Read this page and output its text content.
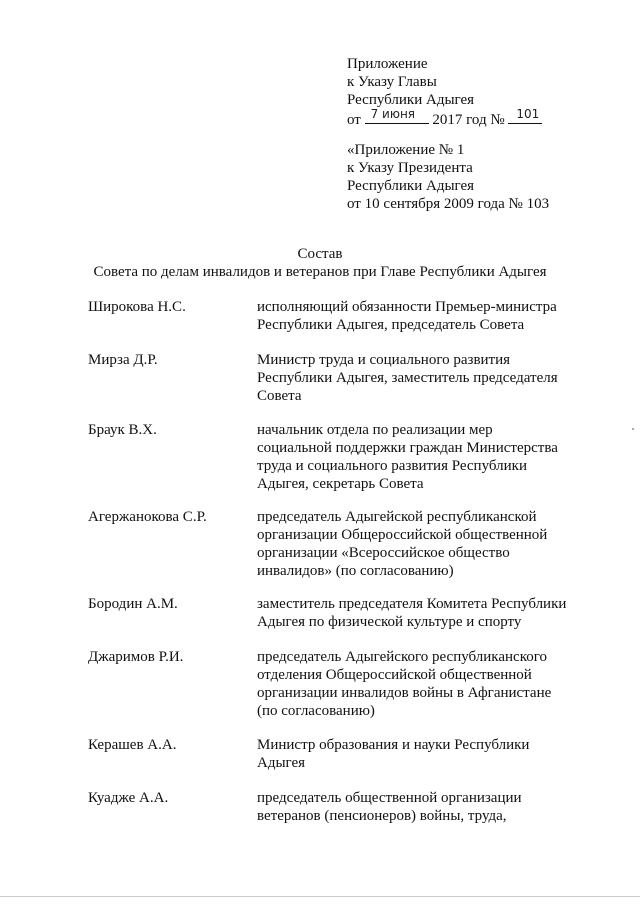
Приложение
к Указу Главы
Республики Адыгея
от 7 июня 2017 год № 101
«Приложение № 1
к Указу Президента
Республики Адыгея
от 10 сентября 2009 года № 103
Состав
Совета по делам инвалидов и ветеранов при Главе Республики Адыгея
Широкова Н.С.	исполняющий обязанности Премьер-министра
Республики Адыгея, председатель Совета
Мирза Д.Р.	Министр труда и социального развития
Республики Адыгея, заместитель председателя
Совета
Браук В.Х.	начальник отдела по реализации мер
социальной поддержки граждан Министерства
труда и социального развития Республики
Адыгея, секретарь Совета
Агержанокова С.Р.	председатель Адыгейской республиканской
организации Общероссийской общественной
организации «Всероссийское общество
инвалидов» (по согласованию)
Бородин А.М.	заместитель председателя Комитета Республики
Адыгея по физической культуре и спорту
Джаримов Р.И.	председатель Адыгейского республиканского
отделения Общероссийской общественной
организации инвалидов войны в Афганистане
(по согласованию)
Керашев А.А.	Министр образования и науки Республики
Адыгея
Куадже А.А.	председатель общественной организации
ветеранов (пенсионеров) войны, труда,
